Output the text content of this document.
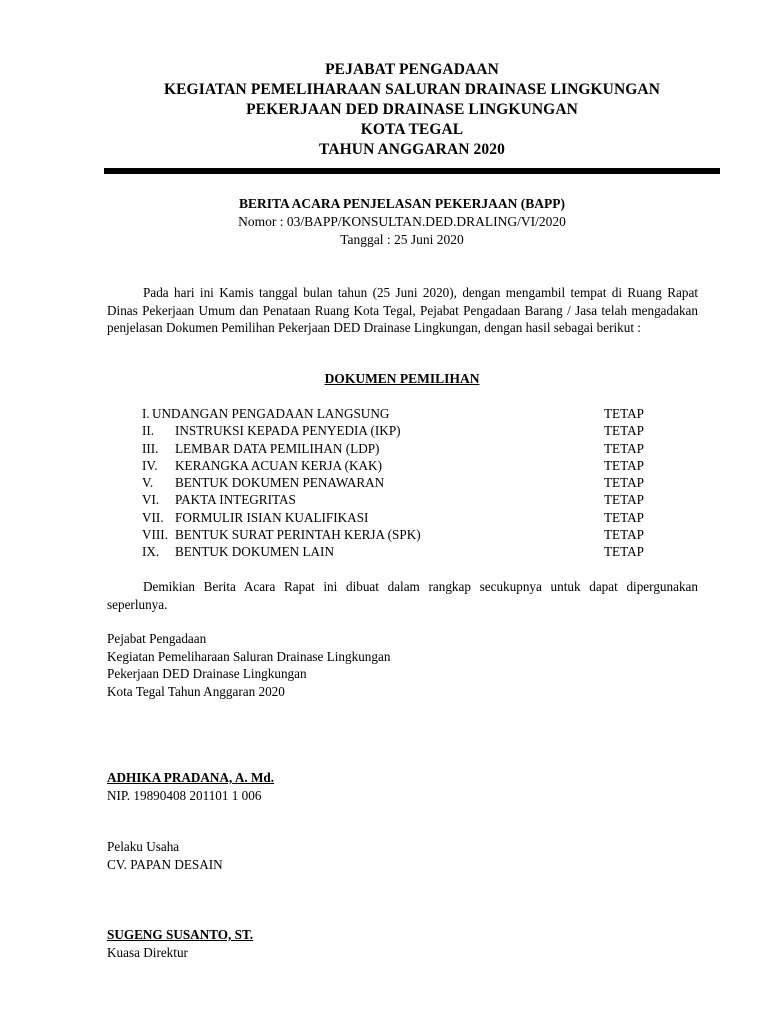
PEJABAT PENGADAAN
KEGIATAN PEMELIHARAAN SALURAN DRAINASE LINGKUNGAN
PEKERJAAN DED DRAINASE LINGKUNGAN
KOTA TEGAL
TAHUN ANGGARAN 2020
BERITA ACARA PENJELASAN PEKERJAAN (BAPP)
Nomor : 03/BAPP/KONSULTAN.DED.DRALING/VI/2020
Tanggal : 25 Juni 2020
Pada hari ini Kamis tanggal bulan tahun (25 Juni 2020), dengan mengambil tempat di Ruang Rapat Dinas Pekerjaan Umum dan Penataan Ruang Kota Tegal, Pejabat Pengadaan Barang / Jasa telah mengadakan penjelasan Dokumen Pemilihan Pekerjaan DED Drainase Lingkungan, dengan hasil sebagai berikut :
DOKUMEN PEMILIHAN
I. UNDANGAN PENGADAAN LANGSUNG	TETAP
II. INSTRUKSI KEPADA PENYEDIA (IKP)	TETAP
III. LEMBAR DATA PEMILIHAN (LDP)	TETAP
IV. KERANGKA ACUAN KERJA (KAK)	TETAP
V. BENTUK DOKUMEN PENAWARAN	TETAP
VI. PAKTA INTEGRITAS	TETAP
VII. FORMULIR ISIAN KUALIFIKASI	TETAP
VIII. BENTUK SURAT PERINTAH KERJA (SPK)	TETAP
IX. BENTUK DOKUMEN LAIN	TETAP
Demikian Berita Acara Rapat ini dibuat dalam rangkap secukupnya untuk dapat dipergunakan seperlunya.
Pejabat Pengadaan
Kegiatan Pemeliharaan Saluran Drainase Lingkungan
Pekerjaan DED Drainase Lingkungan
Kota Tegal Tahun Anggaran 2020
ADHIKA PRADANA, A. Md.
NIP. 19890408 201101 1 006
Pelaku Usaha
CV. PAPAN DESAIN
SUGENG SUSANTO, ST.
Kuasa Direktur
